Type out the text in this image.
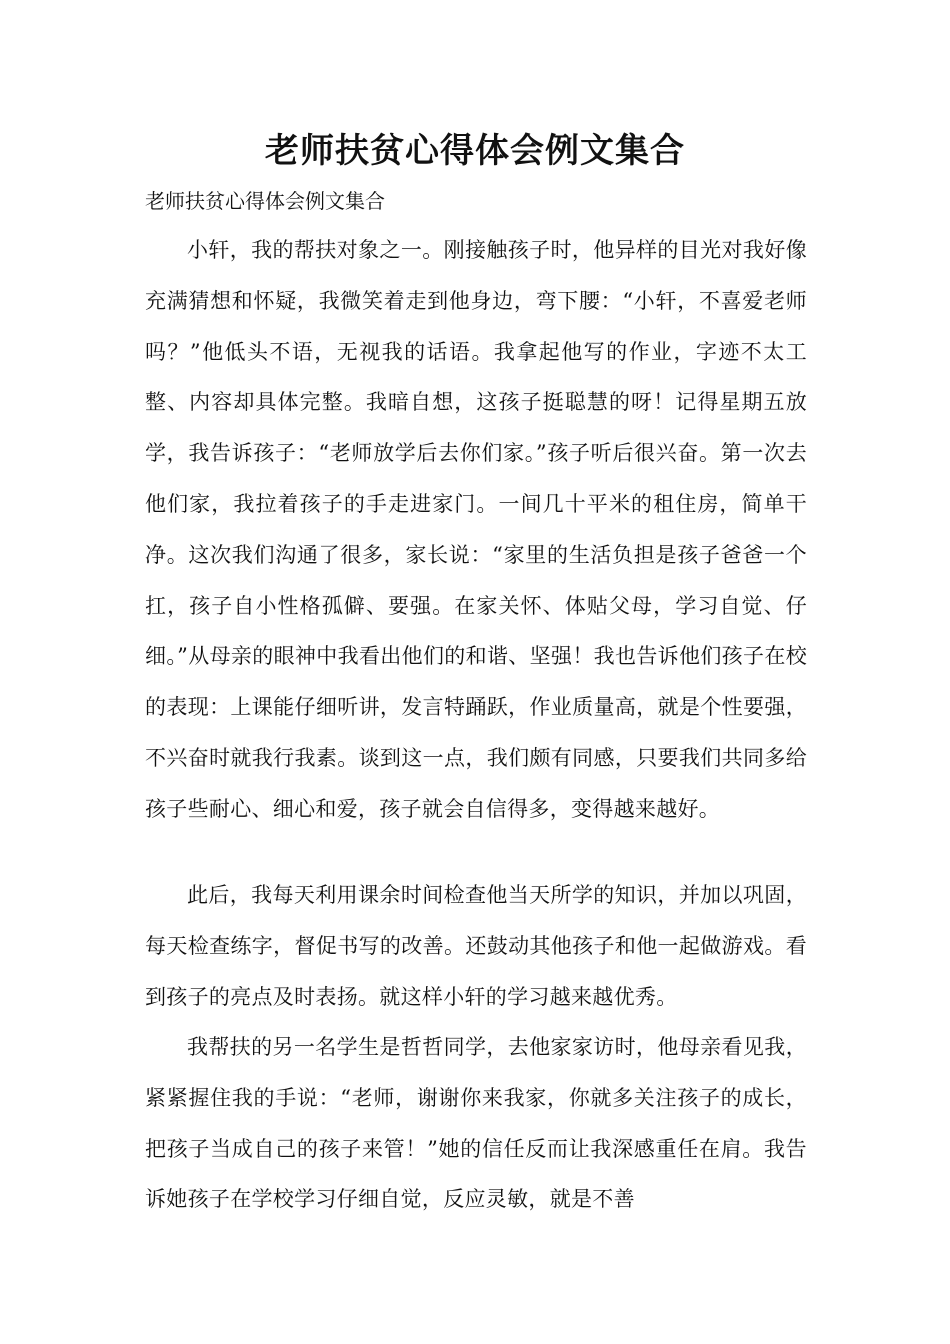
老师扶贫心得体会例文集合

老师扶贫心得体会例文集合

小轩，我的帮扶对象之一。刚接触孩子时，他异样的目光对我好像充满猜想和怀疑，我微笑着走到他身边，弯下腰：“小轩，不喜爱老师吗？”他低头不语，无视我的话语。我拿起他写的作业，字迹不太工整、内容却具体完整。我暗自想，这孩子挺聪慧的呀！记得星期五放学，我告诉孩子：“老师放学后去你们家。”孩子听后很兴奋。第一次去他们家，我拉着孩子的手走进家门。一间几十平米的租住房，简单干净。这次我们沟通了很多，家长说：“家里的生活负担是孩子爸爸一个扛，孩子自小性格孤僻、要强。在家关怀、体贴父母，学习自觉、仔细。”从母亲的眼神中我看出他们的和谐、坚强！我也告诉他们孩子在校的表现：上课能仔细听讲，发言特踊跃，作业质量高，就是个性要强，不兴奋时就我行我素。谈到这一点，我们颇有同感，只要我们共同多给孩子些耐心、细心和爱，孩子就会自信得多，变得越来越好。

此后，我每天利用课余时间检查他当天所学的知识，并加以巩固，每天检查练字，督促书写的改善。还鼓动其他孩子和他一起做游戏。看到孩子的亮点及时表扬。就这样小轩的学习越来越优秀。

我帮扶的另一名学生是哲哲同学，去他家家访时，他母亲看见我，紧紧握住我的手说：“老师，谢谢你来我家，你就多关注孩子的成长，把孩子当成自己的孩子来管！”她的信任反而让我深感重任在肩。我告诉她孩子在学校学习仔细自觉，反应灵敏，就是不善
